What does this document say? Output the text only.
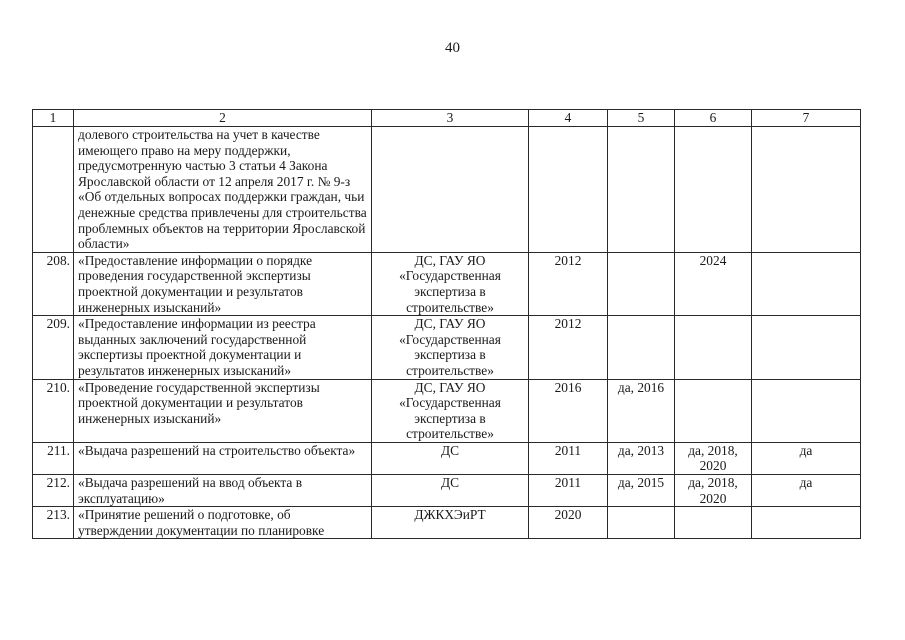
40
1	2	3	4	5	6	7
	долевого строительства на учет в качестве имеющего право на меру поддержки, предусмотренную частью 3 статьи 4 Закона Ярославской области от 12 апреля 2017 г. № 9-з «Об отдельных вопросах поддержки граждан, чьи денежные средства привлечены для строительства проблемных объектов на территории Ярославской области»					
208.	«Предоставление информации о порядке проведения государственной экспертизы проектной документации и результатов инженерных изысканий»	ДС, ГАУ ЯО «Государственная экспертиза в строительстве»	2012		2024	
209.	«Предоставление информации из реестра выданных заключений государственной экспертизы проектной документации и результатов инженерных изысканий»	ДС, ГАУ ЯО «Государственная экспертиза в строительстве»	2012			
210.	«Проведение государственной экспертизы проектной документации и результатов инженерных изысканий»	ДС, ГАУ ЯО «Государственная экспертиза в строительстве»	2016	да, 2016		
211.	«Выдача разрешений на строительство объекта»	ДС	2011	да, 2013	да, 2018, 2020	да
212.	«Выдача разрешений на ввод объекта в эксплуатацию»	ДС	2011	да, 2015	да, 2018, 2020	да
213.	«Принятие решений о подготовке, об утверждении документации по планировке	ДЖКХЭиРТ	2020			
